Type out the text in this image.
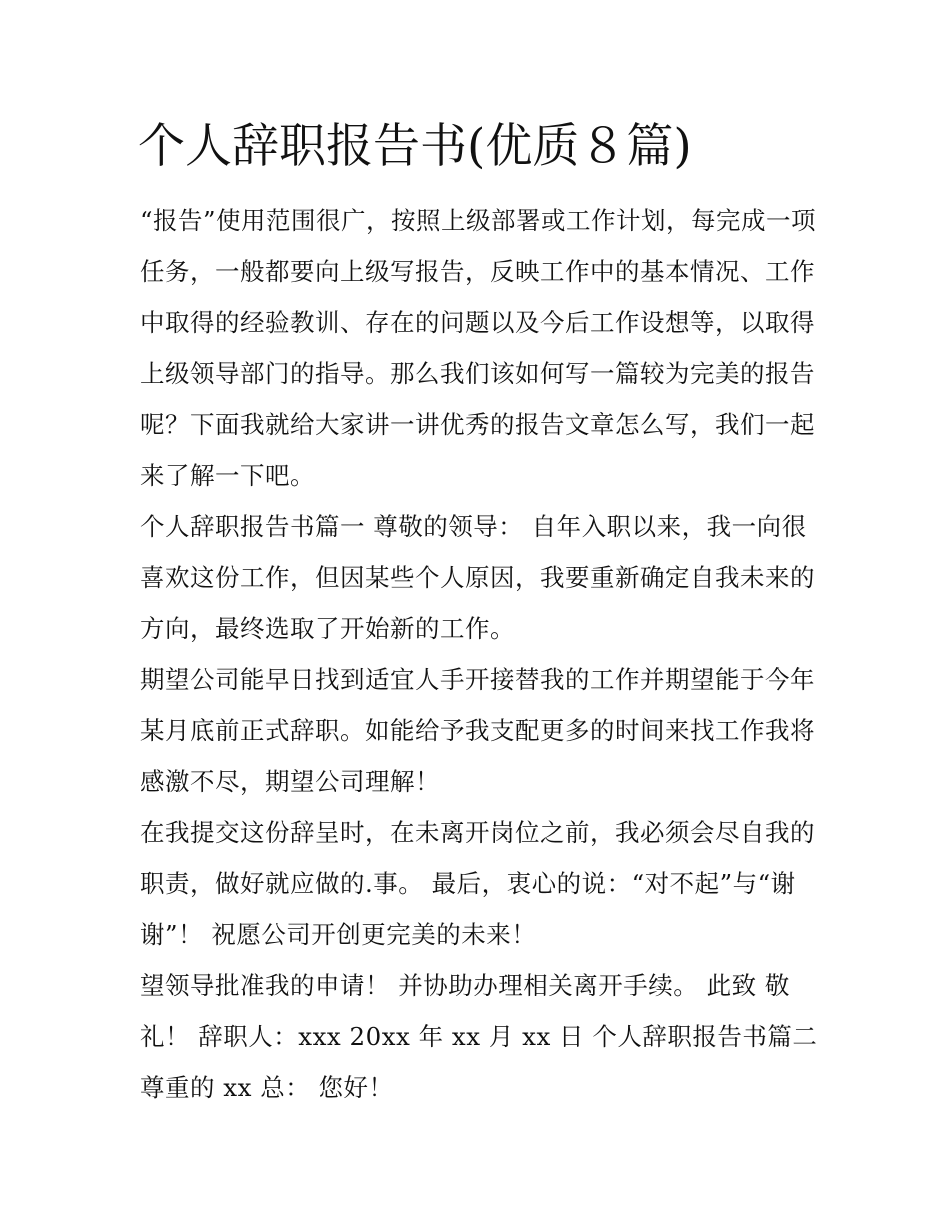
个人辞职报告书(优质８篇)

“报告”使用范围很广，按照上级部署或工作计划，每完成一项任务，一般都要向上级写报告，反映工作中的基本情况、工作中取得的经验教训、存在的问题以及今后工作设想等，以取得上级领导部门的指导。那么我们该如何写一篇较为完美的报告呢？下面我就给大家讲一讲优秀的报告文章怎么写，我们一起来了解一下吧。

个人辞职报告书篇一 尊敬的领导： 自年入职以来，我一向很喜欢这份工作，但因某些个人原因，我要重新确定自我未来的方向，最终选取了开始新的工作。

期望公司能早日找到适宜人手开接替我的工作并期望能于今年某月底前正式辞职。如能给予我支配更多的时间来找工作我将感激不尽，期望公司理解！

在我提交这份辞呈时，在未离开岗位之前，我必须会尽自我的职责，做好就应做的.事。 最后，衷心的说：“对不起”与“谢谢”！ 祝愿公司开创更完美的未来！

望领导批准我的申请！ 并协助办理相关离开手续。 此致 敬礼！ 辞职人：xxx 20xx 年 xx 月 xx 日 个人辞职报告书篇二 尊重的 xx 总： 您好！
